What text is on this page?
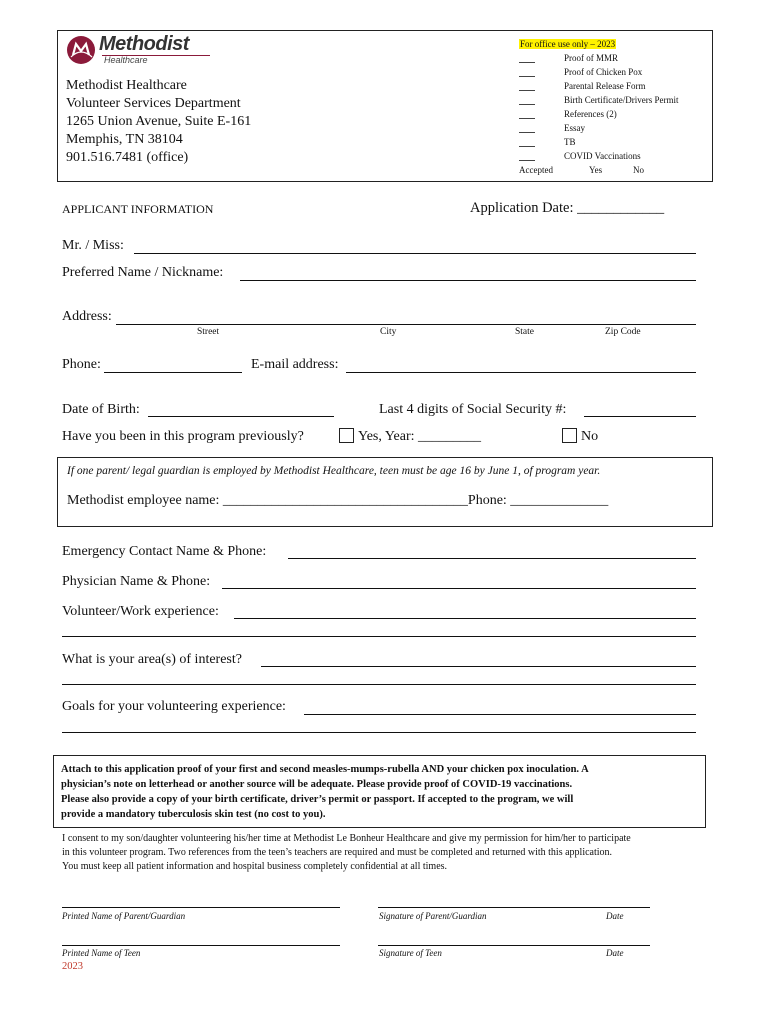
Methodist
Healthcare
Methodist Healthcare
Volunteer Services Department
1265 Union Avenue, Suite E-161
Memphis, TN 38104
901.516.7481 (office)
For office use only – 2023
Proof of MMR
Proof of Chicken Pox
Parental Release Form
Birth Certificate/Drivers Permit
References (2)
Essay
TB
COVID Vaccinations
Accepted	Yes	No
APPLICANT INFORMATION	Application Date: ____________
Mr. / Miss:
Preferred Name / Nickname:
Address:
Street	City	State	Zip Code
Phone:	E-mail address:
Date of Birth:	Last 4 digits of Social Security #:
Have you been in this program previously?	Yes, Year: _________	No
If one parent/ legal guardian is employed by Methodist Healthcare, teen must be age 16 by June 1, of program year.
Methodist employee name: ___________________________________Phone: ______________
Emergency Contact Name & Phone:
Physician Name & Phone:
Volunteer/Work experience:
What is your area(s) of interest?
Goals for your volunteering experience:
Attach to this application proof of your first and second measles-mumps-rubella AND your chicken pox inoculation. A
physician’s note on letterhead or another source will be adequate. Please provide proof of COVID-19 vaccinations.
Please also provide a copy of your birth certificate, driver’s permit or passport. If accepted to the program, we will
provide a mandatory tuberculosis skin test (no cost to you).
I consent to my son/daughter volunteering his/her time at Methodist Le Bonheur Healthcare and give my permission for him/her to participate
in this volunteer program. Two references from the teen’s teachers are required and must be completed and returned with this application.
You must keep all patient information and hospital business completely confidential at all times.
Printed Name of Parent/Guardian	Signature of Parent/Guardian	Date
Printed Name of Teen	Signature of Teen	Date
2023
